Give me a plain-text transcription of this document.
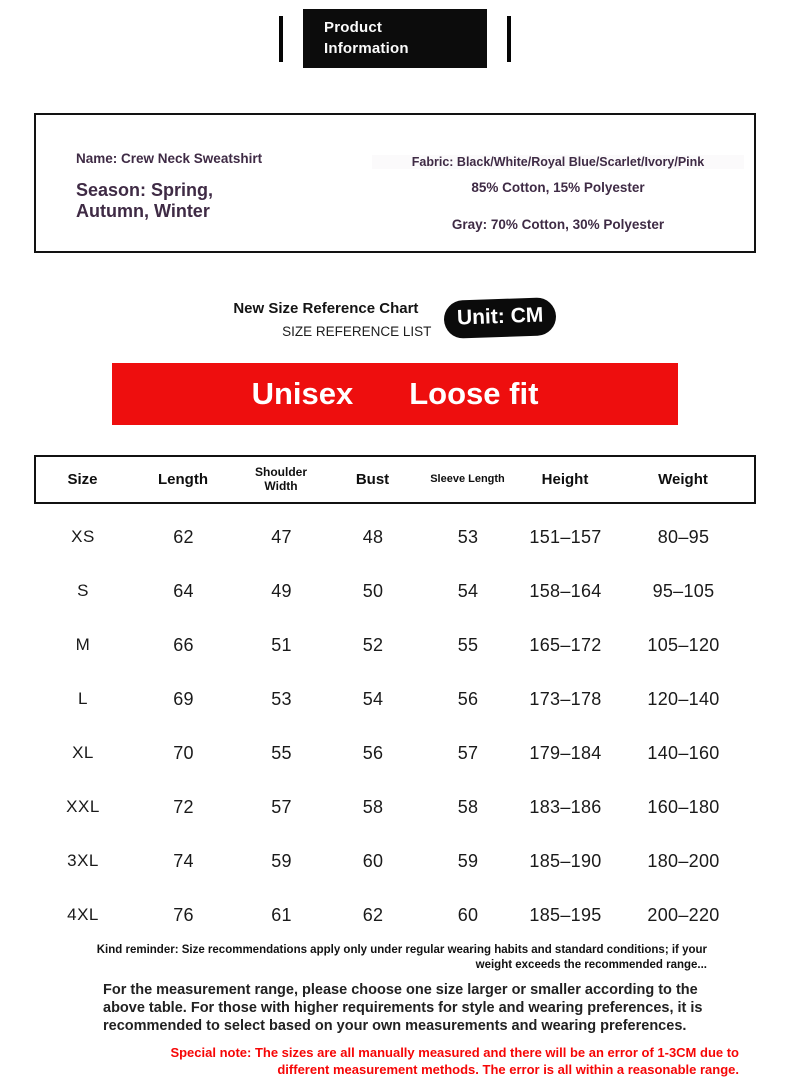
Product
Information
Name: Crew Neck Sweatshirt
Season: Spring,
Autumn, Winter
Fabric: Black/White/Royal Blue/Scarlet/Ivory/Pink
85% Cotton, 15% Polyester
Gray: 70% Cotton, 30% Polyester
New Size Reference Chart
SIZE REFERENCE LIST
Unit: CM
Unisex Loose fit
Size	Length	Shoulder Width	Bust	Sleeve Length	Height	Weight
XS	62	47	48	53	151–157	80–95
S	64	49	50	54	158–164	95–105
M	66	51	52	55	165–172	105–120
L	69	53	54	56	173–178	120–140
XL	70	55	56	57	179–184	140–160
XXL	72	57	58	58	183–186	160–180
3XL	74	59	60	59	185–190	180–200
4XL	76	61	62	60	185–195	200–220
Kind reminder: Size recommendations apply only under regular wearing habits and standard conditions; if your weight exceeds the recommended range...
For the measurement range, please choose one size larger or smaller according to the above table. For those with higher requirements for style and wearing preferences, it is recommended to select based on your own measurements and wearing preferences.
Special note: The sizes are all manually measured and there will be an error of 1-3CM due to different measurement methods. The error is all within a reasonable range.
